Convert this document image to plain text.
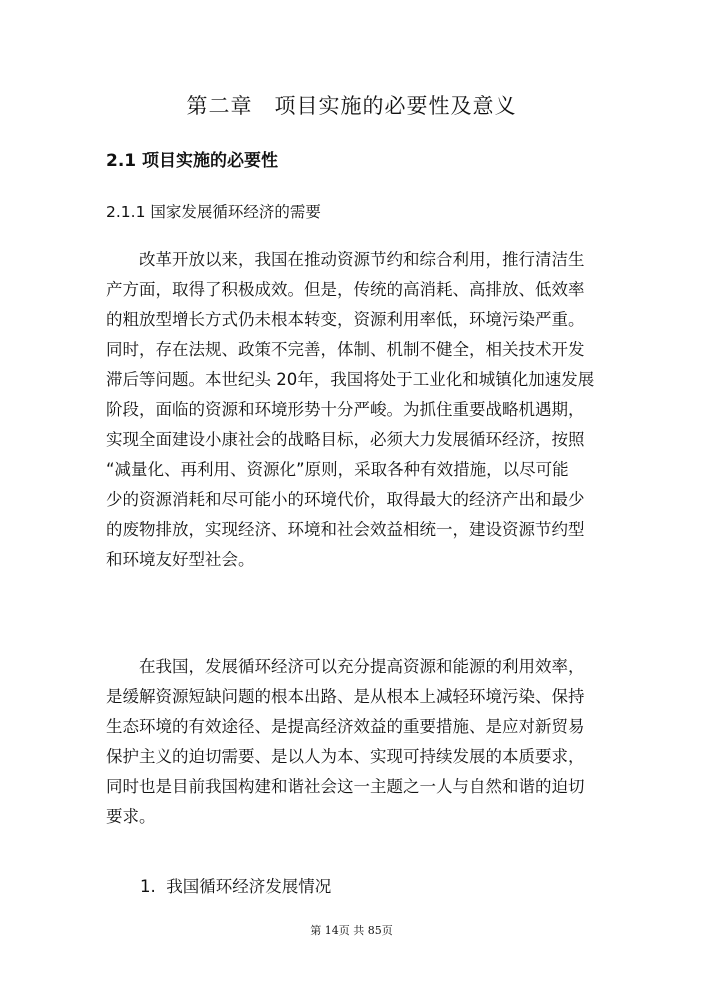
第二章　项目实施的必要性及意义
2.1 项目实施的必要性
2.1.1 国家发展循环经济的需要
改革开放以来，我国在推动资源节约和综合利用，推行清洁生
产方面，取得了积极成效。但是，传统的高消耗、高排放、低效率
的粗放型增长方式仍未根本转变，资源利用率低，环境污染严重。
同时，存在法规、政策不完善，体制、机制不健全，相关技术开发
滞后等问题。本世纪头 20年，我国将处于工业化和城镇化加速发展
阶段，面临的资源和环境形势十分严峻。为抓住重要战略机遇期，
实现全面建设小康社会的战略目标，必须大力发展循环经济，按照
“减量化、再利用、资源化”原则，采取各种有效措施，以尽可能
少的资源消耗和尽可能小的环境代价，取得最大的经济产出和最少
的废物排放，实现经济、环境和社会效益相统一，建设资源节约型
和环境友好型社会。
在我国，发展循环经济可以充分提高资源和能源的利用效率，
是缓解资源短缺问题的根本出路、是从根本上减轻环境污染、保持
生态环境的有效途径、是提高经济效益的重要措施、是应对新贸易
保护主义的迫切需要、是以人为本、实现可持续发展的本质要求，
同时也是目前我国构建和谐社会这一主题之一人与自然和谐的迫切
要求。
1.  我国循环经济发展情况
第 14页 共 85页
